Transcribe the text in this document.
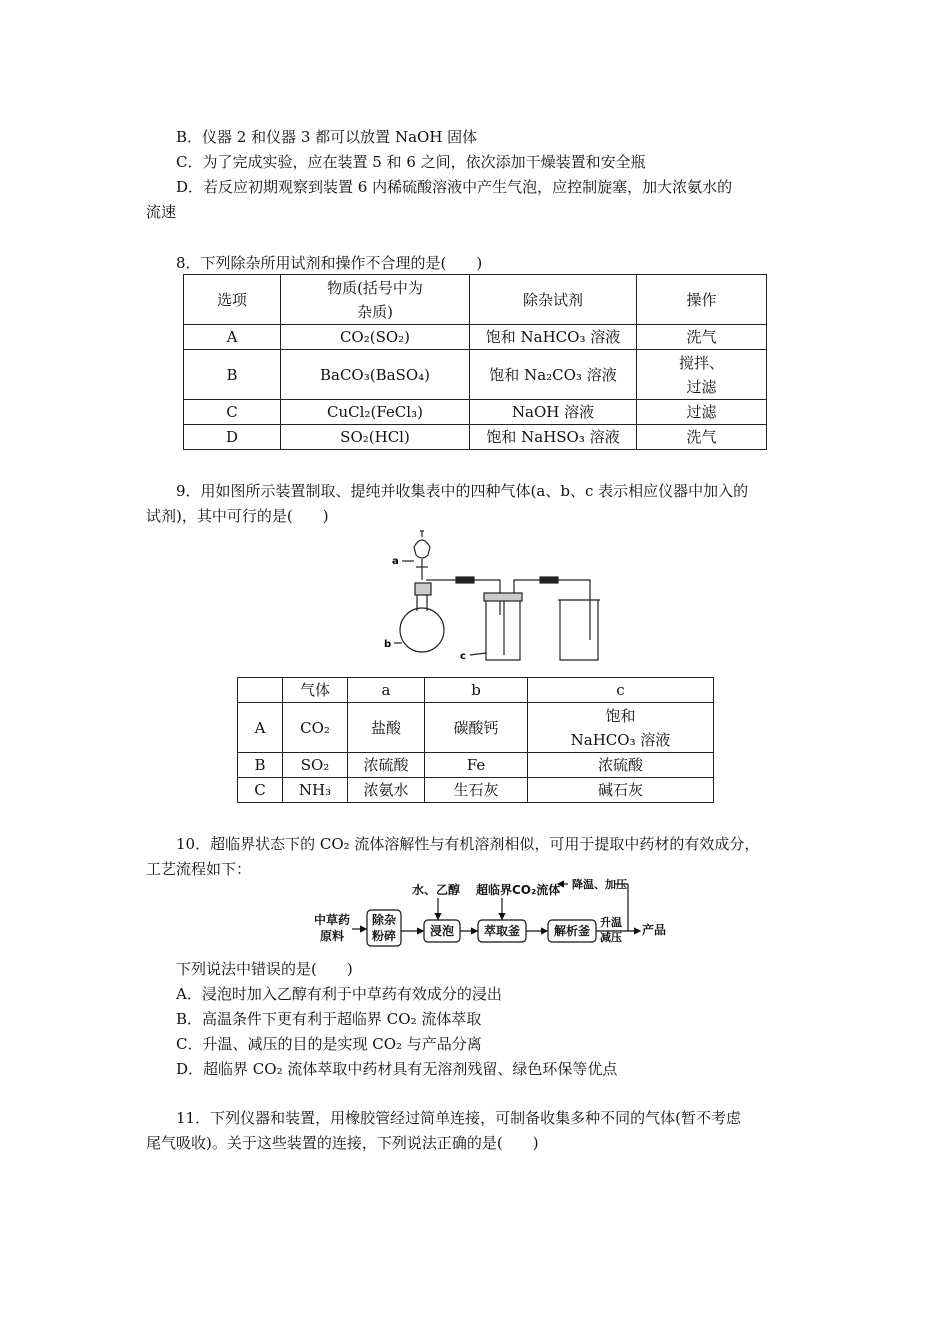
B．仪器 2 和仪器 3 都可以放置 NaOH 固体
C．为了完成实验，应在装置 5 和 6 之间，依次添加干燥装置和安全瓶
D．若反应初期观察到装置 6 内稀硫酸溶液中产生气泡，应控制旋塞，加大浓氨水的
流速
8．下列除杂所用试剂和操作不合理的是(　　)
选项	物质(括号中为
杂质)	除杂试剂	操作
A	CO₂(SO₂)	饱和 NaHCO₃ 溶液	洗气
B	BaCO₃(BaSO₄)	饱和 Na₂CO₃ 溶液	搅拌、
过滤
C	CuCl₂(FeCl₃)	NaOH 溶液	过滤
D	SO₂(HCl)	饱和 NaHSO₃ 溶液	洗气
9．用如图所示装置制取、提纯并收集表中的四种气体(a、b、c 表示相应仪器中加入的
试剂)，其中可行的是(　　)
a
b
c
	气体	a	b	c
A	CO₂	盐酸	碳酸钙	饱和
NaHCO₃ 溶液
B	SO₂	浓硫酸	Fe	浓硫酸
C	NH₃	浓氨水	生石灰	碱石灰
10．超临界状态下的 CO₂ 流体溶解性与有机溶剂相似，可用于提取中药材的有效成分，
工艺流程如下：
中草药
原料
除杂
粉碎	浸泡 萃取釜	解析釜
水、乙醇 超临界CO₂流体 降温、加压
升温
减压
产品
下列说法中错误的是(　　)
A．浸泡时加入乙醇有利于中草药有效成分的浸出
B．高温条件下更有利于超临界 CO₂ 流体萃取
C．升温、减压的目的是实现 CO₂ 与产品分离
D．超临界 CO₂ 流体萃取中药材具有无溶剂残留、绿色环保等优点
11．下列仪器和装置，用橡胶管经过简单连接，可制备收集多种不同的气体(暂不考虑
尾气吸收)。关于这些装置的连接，下列说法正确的是(　　)
